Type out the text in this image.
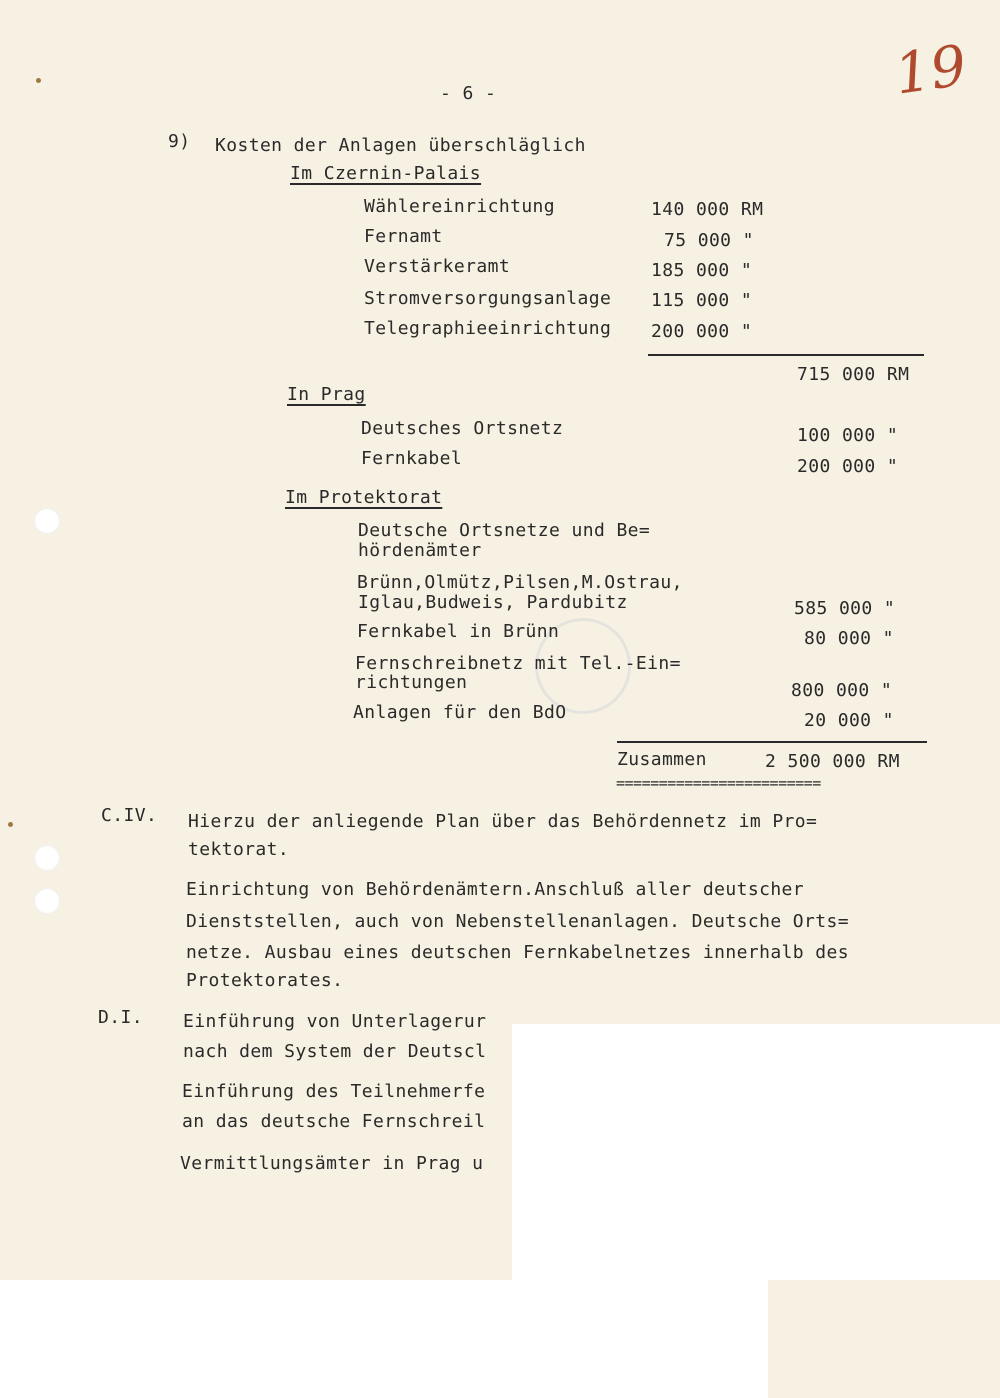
- 6 -	19
9) Kosten der Anlagen überschläglich
Im Czernin-Palais
Wählereinrichtung	140 000 RM
Fernamt	75 000 "
Verstärkeramt	185 000 "
Stromversorgungsanlage 115 000 "
Telegraphieeinrichtung 200 000 "
715 000 RM
In Prag
Deutsches Ortsnetz	100 000 "
Fernkabel	200 000 "
Im Protektorat
Deutsche Ortsnetze und Be=
hördenämter
Brünn,Olmütz,Pilsen,M.Ostrau,
Iglau,Budweis, Pardubitz	585 000 "
Fernkabel in Brünn	80 000 "
Fernschreibnetz mit Tel.-Ein=
richtungen	800 000 "
Anlagen für den BdO	20 000 "
Zusammen	2 500 000 RM
========================
C.IV. Hierzu der anliegende Plan über das Behördennetz im Pro=
tektorat.
Einrichtung von Behördenämtern.Anschluß aller deutscher
Dienststellen, auch von Nebenstellenanlagen. Deutsche Orts=
netze. Ausbau eines deutschen Fernkabelnetzes innerhalb des
Protektorates.
D.I. Einführung von Unterlagerur
nach dem System der Deutscl
Einführung des Teilnehmerfe
an das deutsche Fernschreil
Vermittlungsämter in Prag u
